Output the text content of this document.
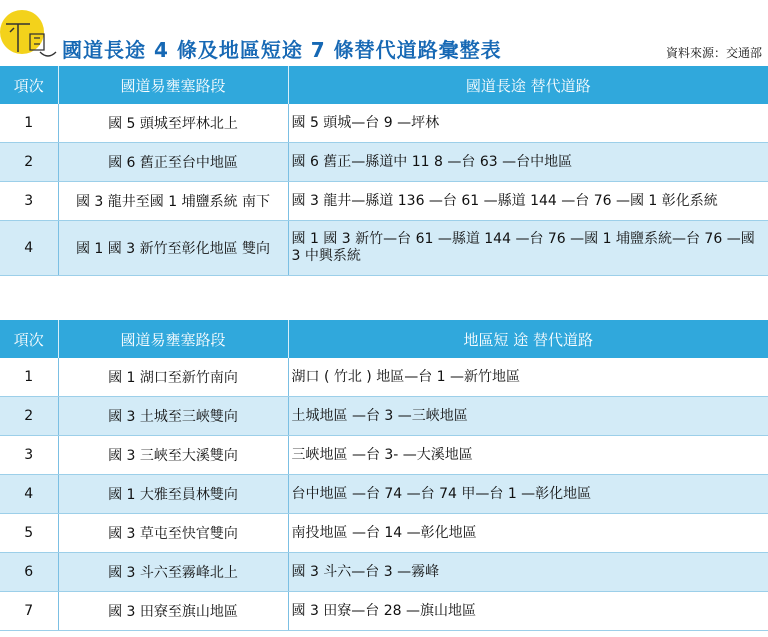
國道長途 4 條及地區短途 7 條替代道路彙整表	資料來源：交通部
項次	國道易壅塞路段	國道長途 替代道路
1	國 5 頭城至坪林北上	國 5 頭城—台 9 —坪林
2	國 6 舊正至台中地區	國 6 舊正—縣道中 11 8 —台 63 —台中地區
3	國 3 龍井至國 1 埔鹽系統 南下	國 3 龍井—縣道 136 —台 61 —縣道 144 —台 76 —國 1 彰化系統
4	國 1 國 3 新竹至彰化地區 雙向	國 1 國 3 新竹—台 61 —縣道 144 —台 76 —國 1 埔鹽系統—台 76 —國 3 中興系統
項次	國道易壅塞路段	地區短 途 替代道路
1	國 1 湖口至新竹南向	湖口 ( 竹北 ) 地區—台 1 —新竹地區
2	國 3 土城至三峽雙向	土城地區 —台 3 —三峽地區
3	國 3 三峽至大溪雙向	三峽地區 —台 3- —大溪地區
4	國 1 大雅至員林雙向	台中地區 —台 74 —台 74 甲—台 1 —彰化地區
5	國 3 草屯至快官雙向	南投地區 —台 14 —彰化地區
6	國 3 斗六至霧峰北上	國 3 斗六—台 3 —霧峰
7	國 3 田寮至旗山地區	國 3 田寮—台 28 —旗山地區
